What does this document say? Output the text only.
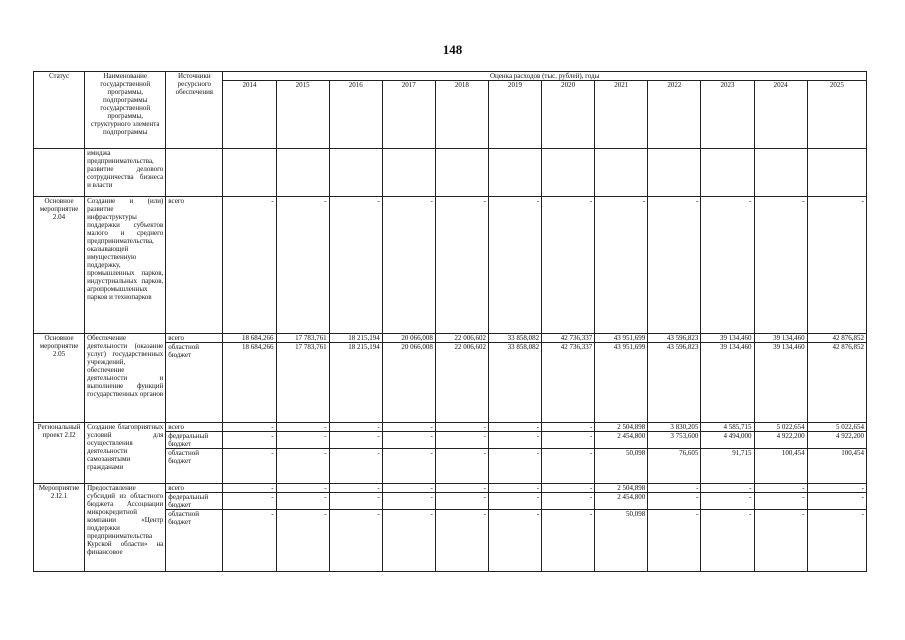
148
Статус	Наименование государственной программы, подпрограммы государственной программы, структурного элемента подпрограммы	Источники ресурсного обеспечения	Оценка расходов (тыс. рублей), годы											
			2014	2015	2016	2017	2018	2019	2020	2021	2022	2023	2024	2025
	имиджа предпринимательства, развитие делового сотрудничества бизнеса и власти													
Основное мероприятие 2.04	Создание и (или) развитие инфраструктуры поддержки субъектов малого и среднего предпринимательства, оказывающей имущественную поддержку, промышленных парков, индустриальных парков, агропромышленных парков и технопарков	всего	-	-	-	-	-	-	-	-	-	-	-	-
Основное мероприятие 2.05	Обеспечение деятельности (оказание услуг) государственных учреждений, обеспечение деятельности и выполнение функций государственных органов	всего	18 684,266	17 783,761	18 215,194	20 066,008	22 006,602	33 858,082	42 736,337	43 951,699	43 596,823	39 134,460	39 134,460	42 876,852
		областной бюджет	18 684,266	17 783,761	18 215,194	20 066,008	22 006,602	33 858,082	42 736,337	43 951,699	43 596,823	39 134,460	39 134,460	42 876,852
Региональный проект 2.I2	Создание благоприятных условий для осуществления деятельности самозанятыми гражданами	всего	-	-	-	-	-	-	-	2 504,898	3 830,205	4 585,715	5 022,654	5 022,654
		федеральный бюджет	-	-	-	-	-	-	-	2 454,800	3 753,600	4 494,000	4 922,200	4 922,200
		областной бюджет	-	-	-	-	-	-	-	50,098	76,605	91,715	100,454	100,454
Мероприятие 2.I2.1	Предоставление субсидий из областного бюджета Ассоциации микрокредитной компании «Центр поддержки предпринимательства Курской области» на финансовое	всего	-	-	-	-	-	-	-	2 504,898	-	-	-	-
		федеральный бюджет	-	-	-	-	-	-	-	2 454,800	-	-	-	-
		областной бюджет	-	-	-	-	-	-	-	50,098	-	-	-	-
